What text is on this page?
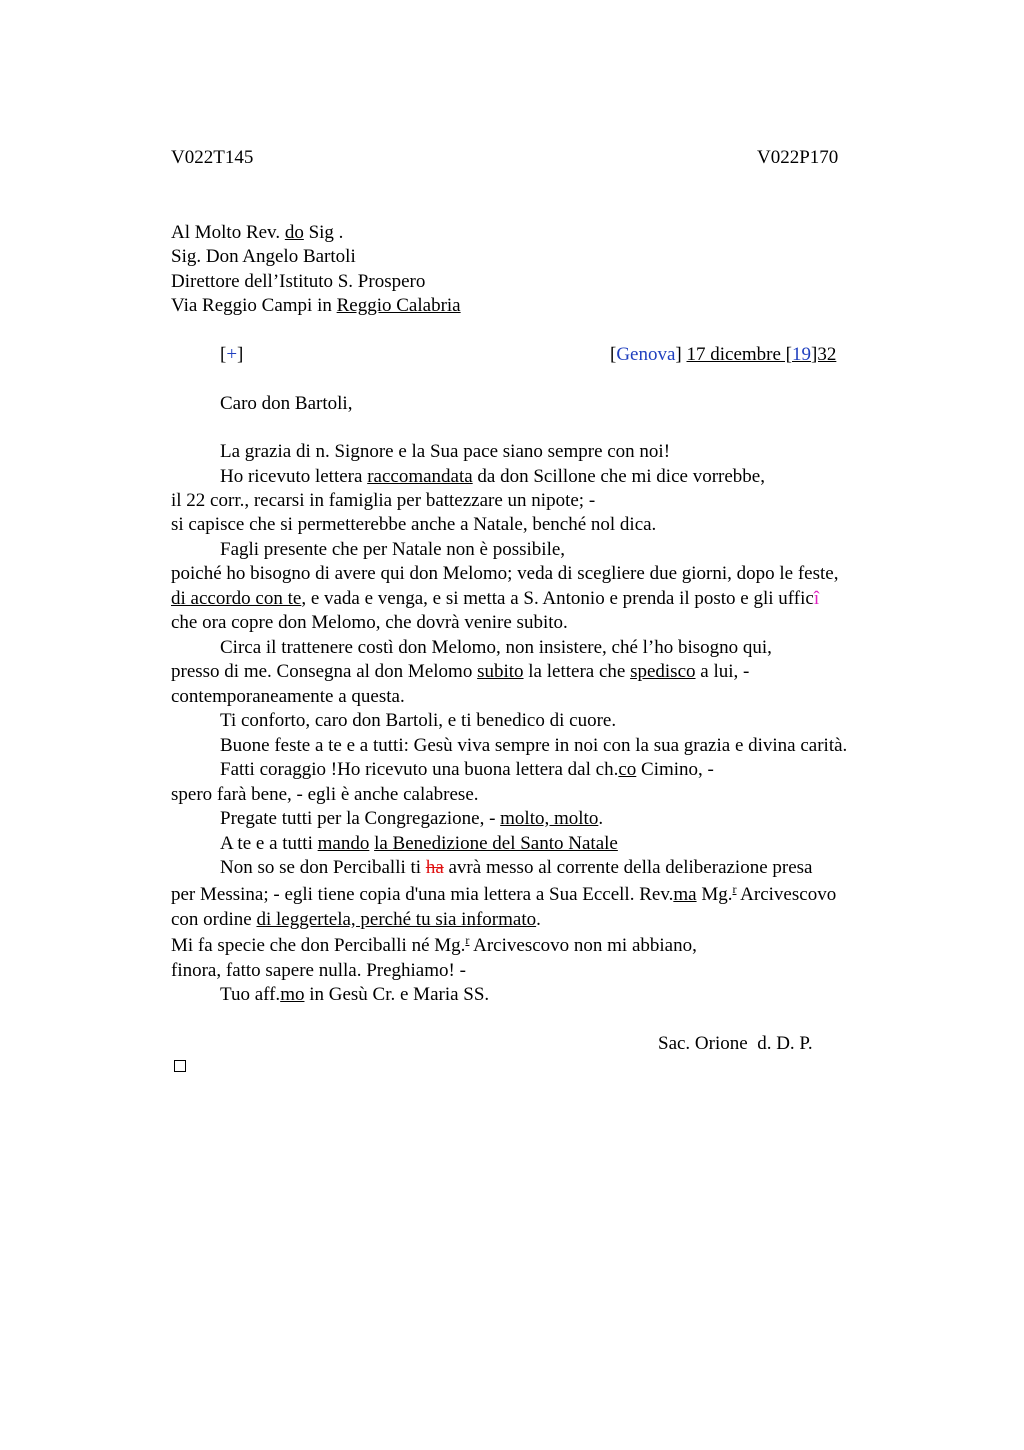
V022T145	V022P170
Al Molto Rev. do Sig .
Sig. Don Angelo Bartoli
Direttore dell’Istituto S. Prospero
Via Reggio Campi in Reggio Calabria
[+]	[Genova] 17 dicembre [19]32
Caro don Bartoli,
La grazia di n. Signore e la Sua pace siano sempre con noi!
Ho ricevuto lettera raccomandata da don Scillone che mi dice vorrebbe,
il 22 corr., recarsi in famiglia per battezzare un nipote; -
si capisce che si permetterebbe anche a Natale, benché nol dica.
Fagli presente che per Natale non è possibile,
poiché ho bisogno di avere qui don Melomo; veda di scegliere due giorni, dopo le feste,
di accordo con te, e vada e venga, e si metta a S. Antonio e prenda il posto e gli ufficî
che ora copre don Melomo, che dovrà venire subito.
Circa il trattenere costì don Melomo, non insistere, ché l’ho bisogno qui,
presso di me. Consegna al don Melomo subito la lettera che spedisco a lui, -
contemporaneamente a questa.
Ti conforto, caro don Bartoli, e ti benedico di cuore.
Buone feste a te e a tutti: Gesù viva sempre in noi con la sua grazia e divina carità.
Fatti coraggio !Ho ricevuto una buona lettera dal ch.co Cimino, -
spero farà bene, - egli è anche calabrese.
Pregate tutti per la Congregazione, - molto, molto.
A te e a tutti mando la Benedizione del Santo Natale
Non so se don Perciballi ti ha avrà messo al corrente della deliberazione presa
per Messina; - egli tiene copia d'una mia lettera a Sua Eccell. Rev.ma Mg.$^r$ Arcivescovo
con ordine di leggertela, perché tu sia informato.
Mi fa specie che don Perciballi né Mg.$^r$ Arcivescovo non mi abbiano,
finora, fatto sapere nulla. Preghiamo! -
Tuo aff.mo in Gesù Cr. e Maria SS.
Sac. Orione  d. D. P.
